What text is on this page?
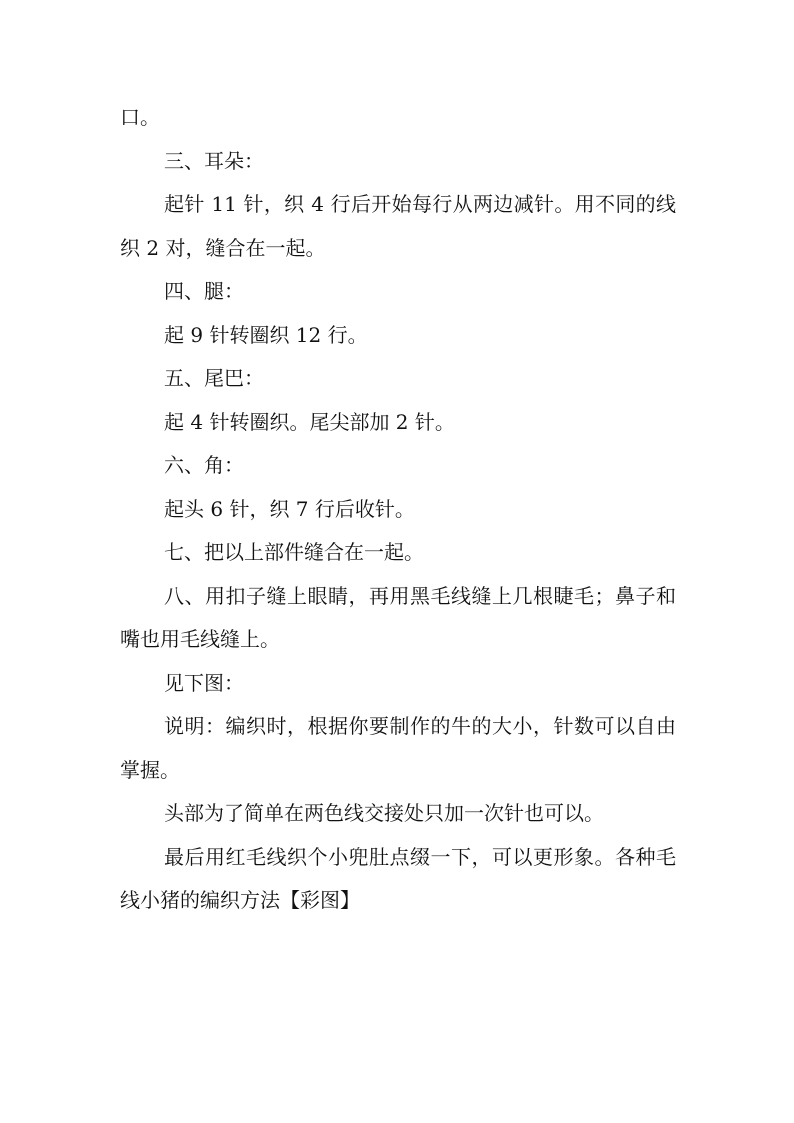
口。

三、耳朵：

起针 11 针，织 4 行后开始每行从两边减针。用不同的线织 2 对，缝合在一起。

四、腿：

起 9 针转圈织 12 行。

五、尾巴：

起 4 针转圈织。尾尖部加 2 针。

六、角：

起头 6 针，织 7 行后收针。

七、把以上部件缝合在一起。

八、用扣子缝上眼睛，再用黑毛线缝上几根睫毛；鼻子和嘴也用毛线缝上。

见下图：

说明：编织时，根据你要制作的牛的大小，针数可以自由掌握。

头部为了简单在两色线交接处只加一次针也可以。

最后用红毛线织个小兜肚点缀一下，可以更形象。各种毛线小猪的编织方法【彩图】
